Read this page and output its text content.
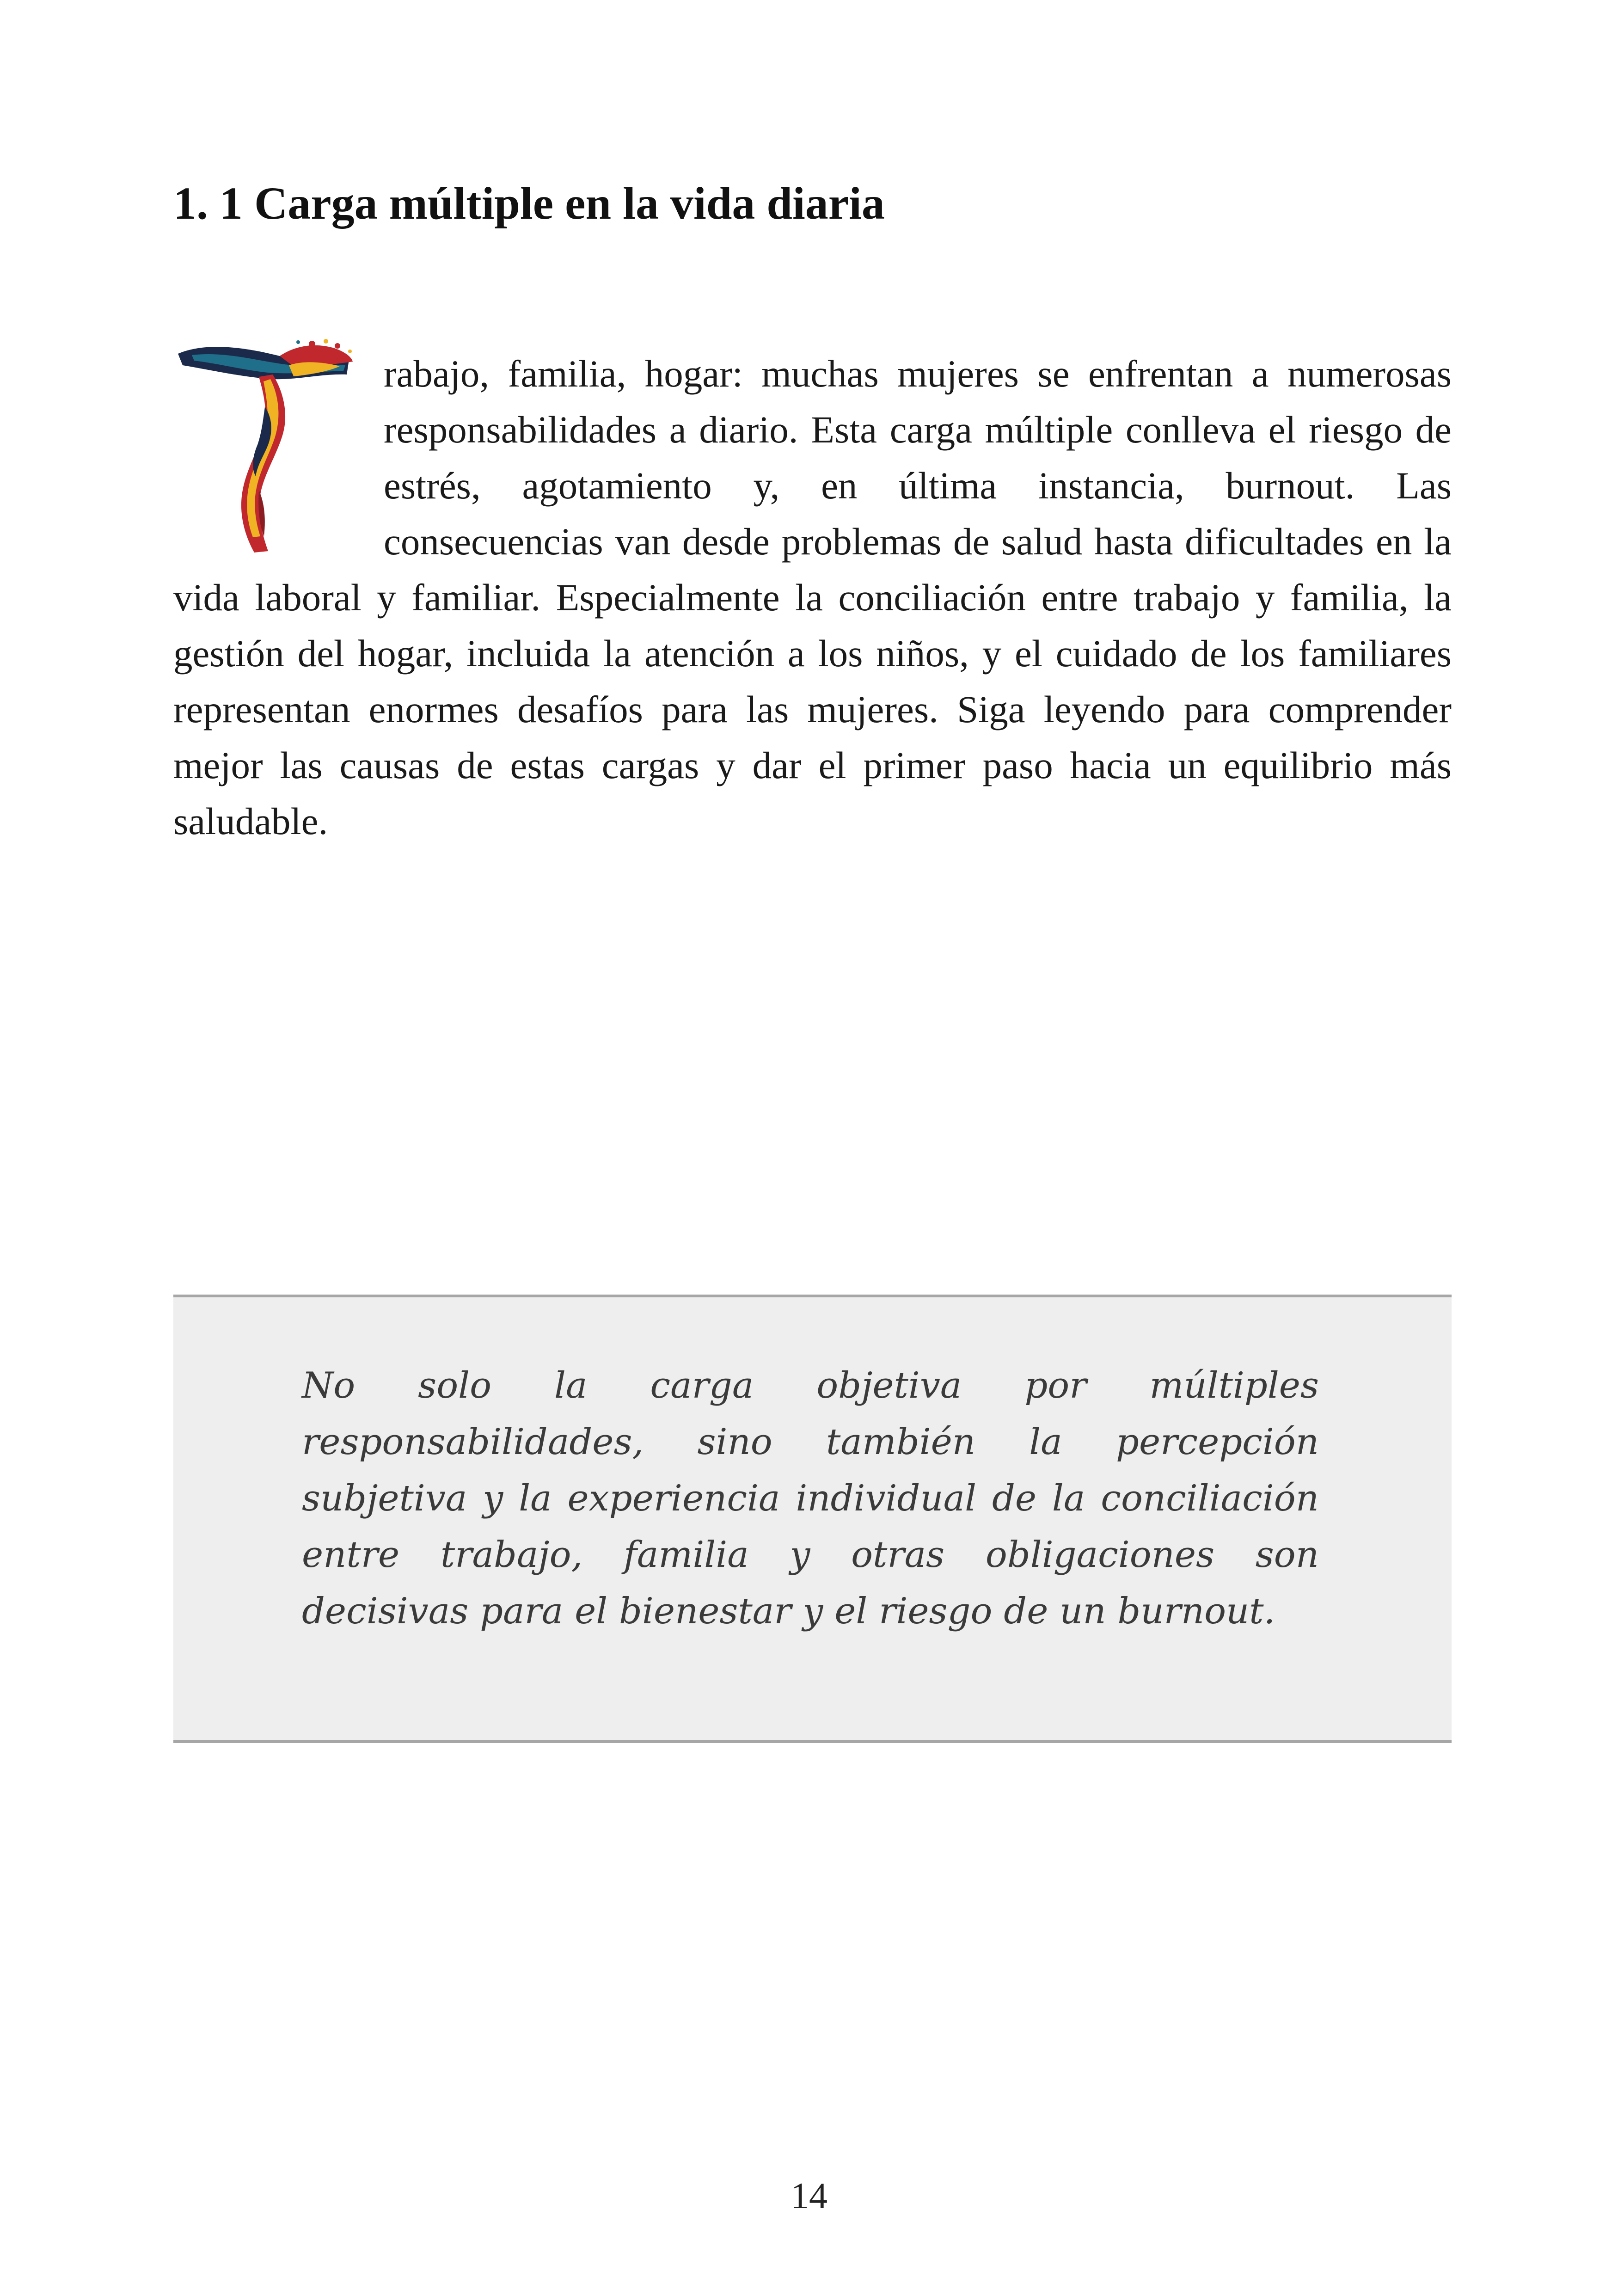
1. 1 Carga múltiple en la vida diaria

rabajo, familia, hogar: muchas mujeres se enfrentan a numerosas responsabilidades a diario. Esta carga múltiple conlleva el riesgo de estrés, agotamiento y, en última instancia, burnout. Las consecuencias van desde problemas de salud hasta dificultades en la vida laboral y familiar. Especialmente la conciliación entre trabajo y familia, la gestión del hogar, incluida la atención a los niños, y el cuidado de los familiares representan enormes desafíos para las mujeres. Siga leyendo para comprender mejor las causas de estas cargas y dar el primer paso hacia un equilibrio más saludable.

No solo la carga objetiva por múltiples responsabilidades, sino también la percepción subjetiva y la experiencia individual de la conciliación entre trabajo, familia y otras obligaciones son decisivas para el bienestar y el riesgo de un burnout.

14
